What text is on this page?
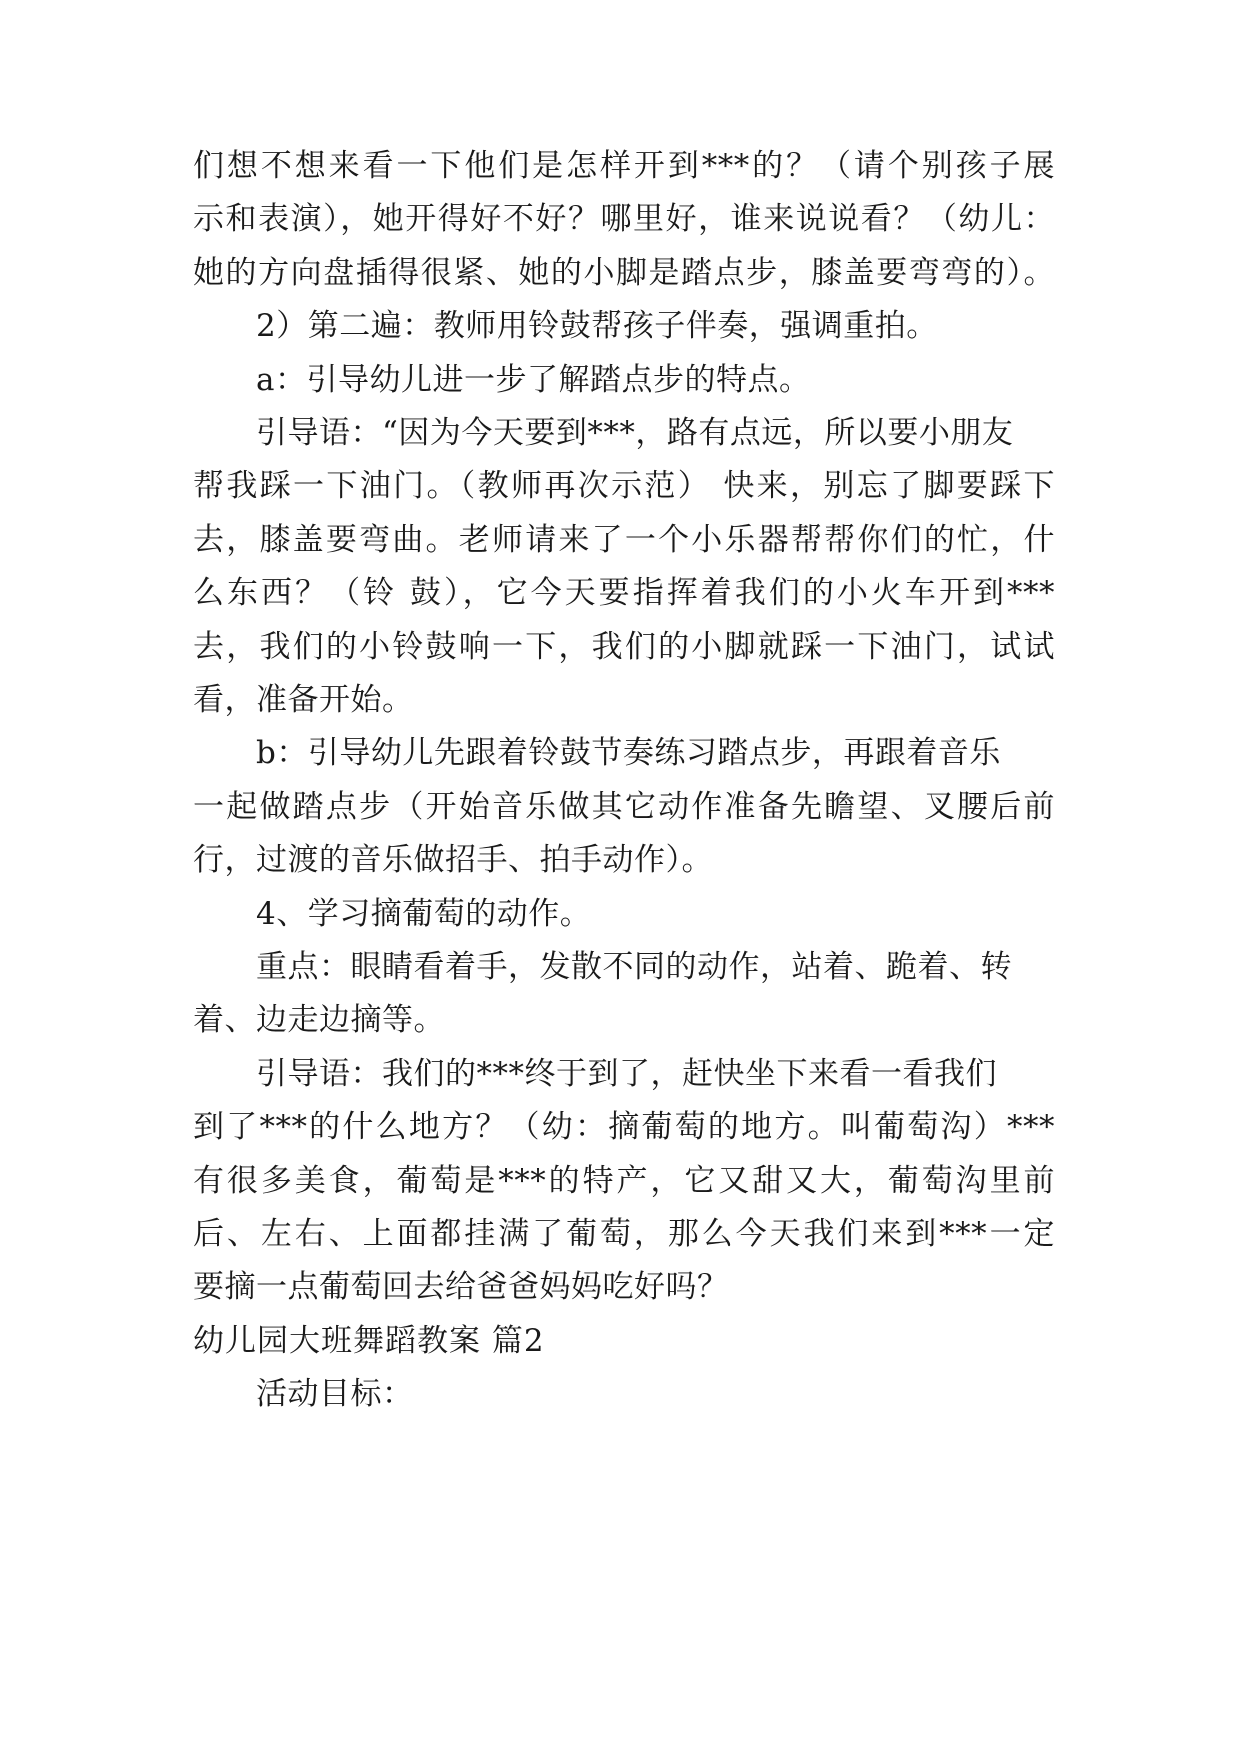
们想不想来看一下他们是怎样开到***的？（请个别孩子展
示和表演），她开得好不好？哪里好，谁来说说看？（幼儿：
她的方向盘插得很紧、她的小脚是踏点步，膝盖要弯弯的）。
2）第二遍：教师用铃鼓帮孩子伴奏，强调重拍。
a：引导幼儿进一步了解踏点步的特点。
引导语：“因为今天要到***，路有点远，所以要小朋友
帮我踩一下油门。（教师再次示范） 快来，别忘了脚要踩下
去，膝盖要弯曲。老师请来了一个小乐器帮帮你们的忙，什
么东西？（铃 鼓），它今天要指挥着我们的小火车开到***
去，我们的小铃鼓响一下，我们的小脚就踩一下油门，试试
看，准备开始。
b：引导幼儿先跟着铃鼓节奏练习踏点步，再跟着音乐
一起做踏点步（开始音乐做其它动作准备先瞻望、叉腰后前
行，过渡的音乐做招手、拍手动作）。
4、学习摘葡萄的动作。
重点：眼睛看着手，发散不同的动作，站着、跪着、转
着、边走边摘等。
引导语：我们的***终于到了，赶快坐下来看一看我们
到了***的什么地方？（幼：摘葡萄的地方。叫葡萄沟）***
有很多美食，葡萄是***的特产，它又甜又大，葡萄沟里前
后、左右、上面都挂满了葡萄，那么今天我们来到***一定
要摘一点葡萄回去给爸爸妈妈吃好吗？
幼儿园大班舞蹈教案 篇2
活动目标：
